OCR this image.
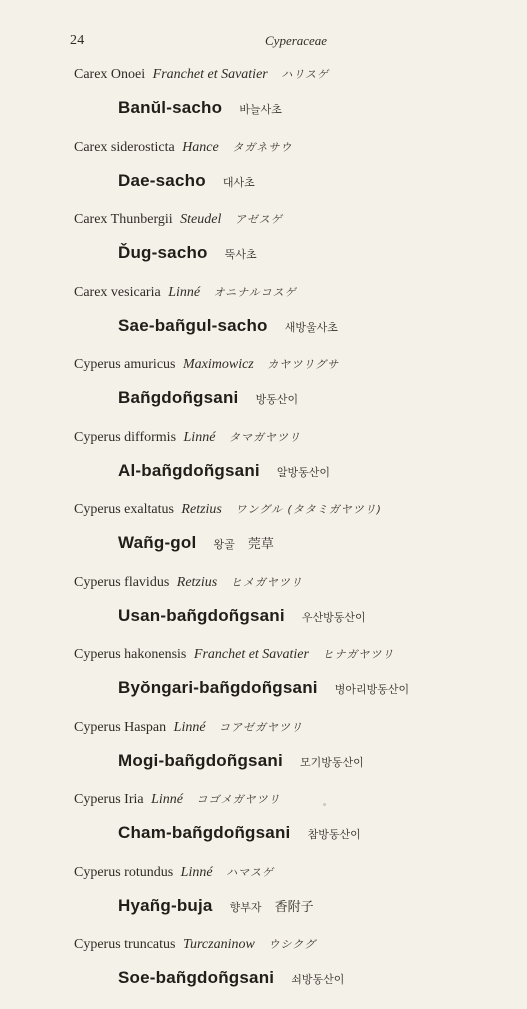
24	Cyperaceae
Carex Onoei Franchet et Savatier ハリスゲ
Banŭl-sacho 바늘사초
Carex siderosticta Hance タガネサウ
Dae-sacho 대사초
Carex Thunbergii Steudel アゼスゲ
Ďug-sacho 뚝사초
Carex vesicaria Linné オニナルコスゲ
Sae-bañgul-sacho 새방울사초
Cyperus amuricus Maximowicz カヤツリグサ
Bañgdoñgsani 방동산이
Cyperus difformis Linné タマガヤツリ
Al-bañgdoñgsani 알방동산이
Cyperus exaltatus Retzius ワングル (タタミガヤツリ)
Wañg-gol 왕골 莞草
Cyperus flavidus Retzius ヒメガヤツリ
Usan-bañgdoñgsani 우산방동산이
Cyperus hakonensis Franchet et Savatier ヒナガヤツリ
Byŏngari-bañgdoñgsani 병아리방동산이
Cyperus Haspan Linné コアゼガヤツリ
Mogi-bañgdoñgsani 모기방동산이
Cyperus Iria Linné コゴメガヤツリ
Cham-bañgdoñgsani 참방동산이
Cyperus rotundus Linné ハマスゲ
Hyañg-buja 향부자 香附子
Cyperus truncatus Turczaninow ウシクグ
Soe-bañgdoñgsani 쇠방동산이
